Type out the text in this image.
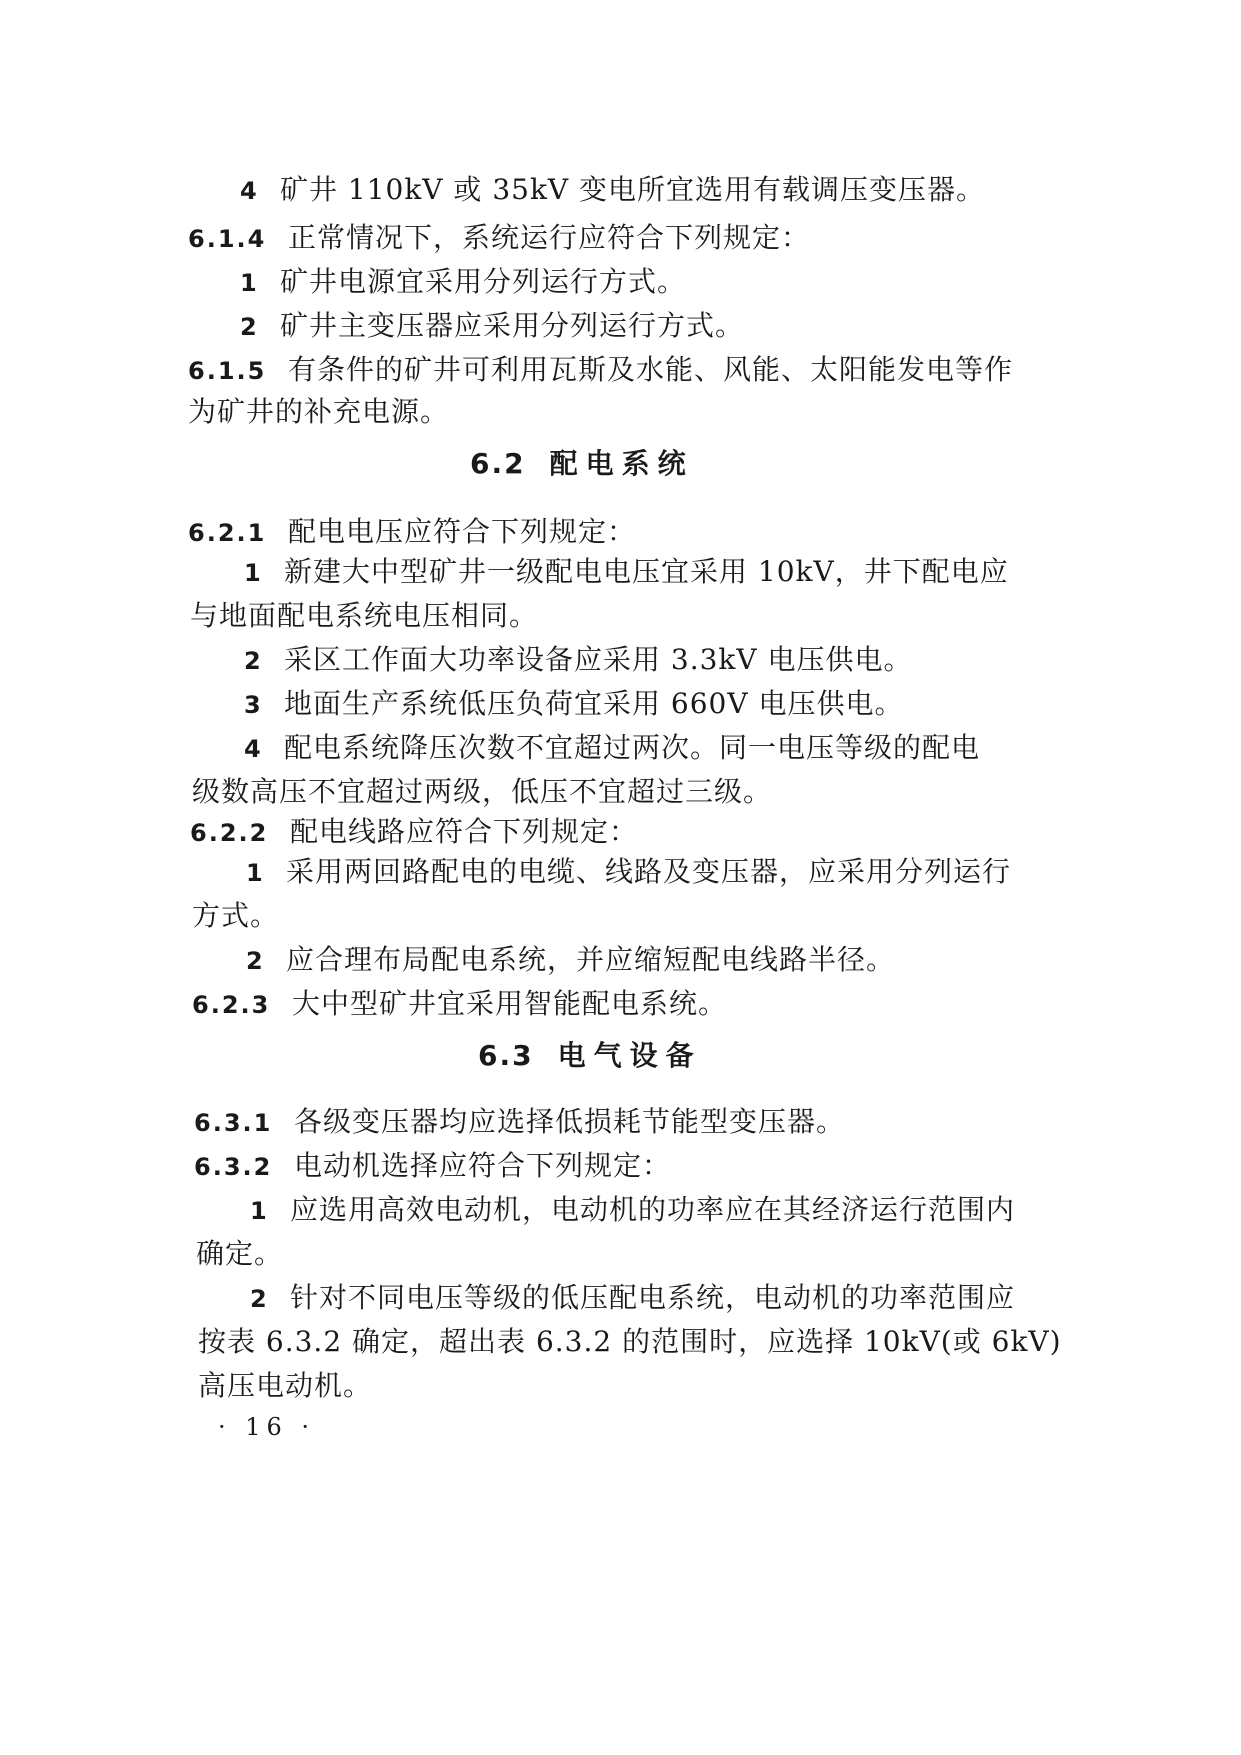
4 矿井 110kV 或 35kV 变电所宜选用有载调压变压器。
6.1.4 正常情况下，系统运行应符合下列规定：
1 矿井电源宜采用分列运行方式。
2 矿井主变压器应采用分列运行方式。
6.1.5 有条件的矿井可利用瓦斯及水能、风能、太阳能发电等作
为矿井的补充电源。
6.2 配电系统
6.2.1 配电电压应符合下列规定：
1 新建大中型矿井一级配电电压宜采用 10kV，井下配电应
与地面配电系统电压相同。
2 采区工作面大功率设备应采用 3.3kV 电压供电。
3 地面生产系统低压负荷宜采用 660V 电压供电。
4 配电系统降压次数不宜超过两次。同一电压等级的配电
级数高压不宜超过两级，低压不宜超过三级。
6.2.2 配电线路应符合下列规定：
1 采用两回路配电的电缆、线路及变压器，应采用分列运行
方式。
2 应合理布局配电系统，并应缩短配电线路半径。
6.2.3 大中型矿井宜采用智能配电系统。
6.3 电气设备
6.3.1 各级变压器均应选择低损耗节能型变压器。
6.3.2 电动机选择应符合下列规定：
1 应选用高效电动机，电动机的功率应在其经济运行范围内
确定。
2 针对不同电压等级的低压配电系统，电动机的功率范围应
按表 6.3.2 确定，超出表 6.3.2 的范围时，应选择 10kV(或 6kV)
高压电动机。
· 16 ·
